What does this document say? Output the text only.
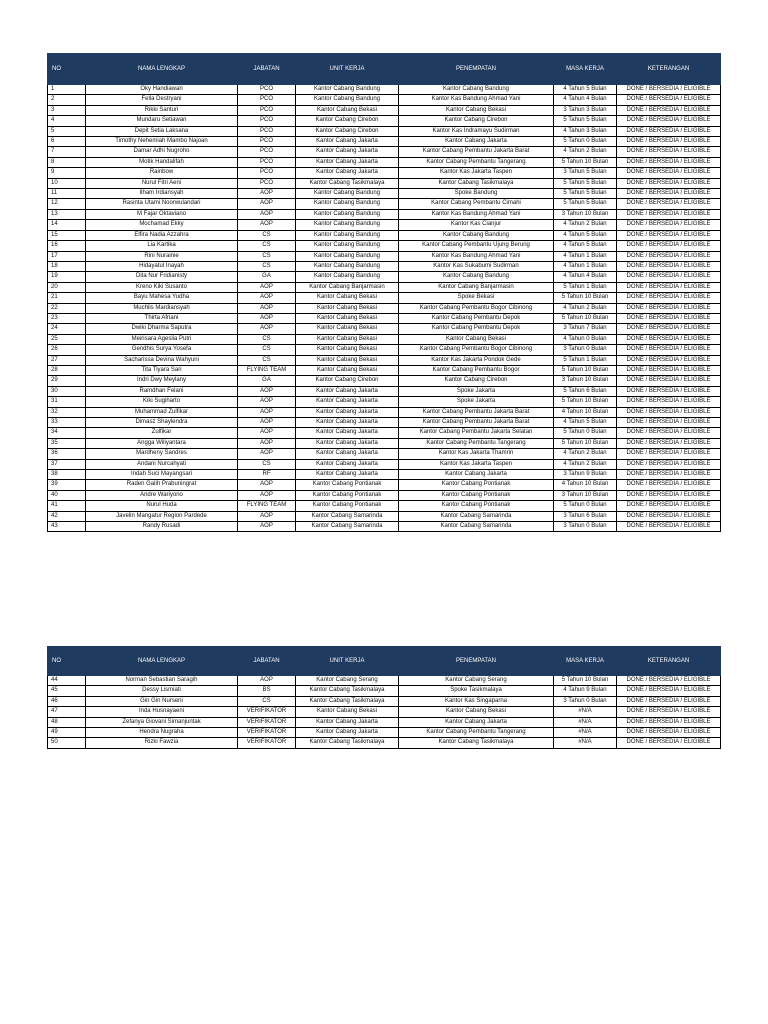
NO	NAMA LENGKAP	JABATAN	UNIT KERJA	PENEMPATAN	MASA KERJA	KETERANGAN
1	Oky Handiawan	PCO	Kantor Cabang Bandung	Kantor Cabang Bandung	4 Tahun 5 Bulan	DONE / BERSEDIA / ELIGIBLE
2	Fella Destryani	PCO	Kantor Cabang Bandung	Kantor Kas Bandung Ahmad Yani	4 Tahun 4 Bulan	DONE / BERSEDIA / ELIGIBLE
3	Rikki Santuri	PCO	Kantor Cabang Bekasi	Kantor Cabang Bekasi	3 Tahun 3 Bulan	DONE / BERSEDIA / ELIGIBLE
4	Mundaru Setiawan	PCO	Kantor Cabang Cirebon	Kantor Cabang Cirebon	5 Tahun 5 Bulan	DONE / BERSEDIA / ELIGIBLE
5	Depit Setia Laksana	PCO	Kantor Cabang Cirebon	Kantor Kas Indramayu Sudirman	4 Tahun 3 Bulan	DONE / BERSEDIA / ELIGIBLE
6	Timothy Nehemiah Mambo Najoan	PCO	Kantor Cabang Jakarta	Kantor Cabang Jakarta	5 Tahun 0 Bulan	DONE / BERSEDIA / ELIGIBLE
7	Damar Adhi Nugroho	PCO	Kantor Cabang Jakarta	Kantor Cabang Pembantu Jakarta Barat	4 Tahun 2 Bulan	DONE / BERSEDIA / ELIGIBLE
8	Motik Handalifah	PCO	Kantor Cabang Jakarta	Kantor Cabang Pembantu Tangerang	5 Tahun 10 Bulan	DONE / BERSEDIA / ELIGIBLE
9	Rainbow	PCO	Kantor Cabang Jakarta	Kantor Kas Jakarta Taspen	3 Tahun 5 Bulan	DONE / BERSEDIA / ELIGIBLE
10	Nurul Fitri Aeni	PCO	Kantor Cabang Tasikmalaya	Kantor Cabang Tasikmalaya	5 Tahun 5 Bulan	DONE / BERSEDIA / ELIGIBLE
11	Ilham Irdiansyah	AOP	Kantor Cabang Bandung	Spoke Bandung	5 Tahun 5 Bulan	DONE / BERSEDIA / ELIGIBLE
12	Rasinta Utami Noorwulandari	AOP	Kantor Cabang Bandung	Kantor Cabang Pembantu Cimahi	5 Tahun 5 Bulan	DONE / BERSEDIA / ELIGIBLE
13	M Fajar Oktaviano	AOP	Kantor Cabang Bandung	Kantor Kas Bandung Ahmad Yani	3 Tahun 10 Bulan	DONE / BERSEDIA / ELIGIBLE
14	Mochamad Ekky	AOP	Kantor Cabang Bandung	Kantor Kas Cianjur	4 Tahun 2 Bulan	DONE / BERSEDIA / ELIGIBLE
15	Elfira Nadia Azzahra	CS	Kantor Cabang Bandung	Kantor Cabang Bandung	4 Tahun 5 Bulan	DONE / BERSEDIA / ELIGIBLE
16	Lia Kartika	CS	Kantor Cabang Bandung	Kantor Cabang Pembantu Ujung Berung	4 Tahun 5 Bulan	DONE / BERSEDIA / ELIGIBLE
17	Rini Nurainie	CS	Kantor Cabang Bandung	Kantor Kas Bandung Ahmad Yani	4 Tahun 1 Bulan	DONE / BERSEDIA / ELIGIBLE
18	Hidayatul Inayah	CS	Kantor Cabang Bandung	Kantor Kas Sukabumi Sudirman	4 Tahun 1 Bulan	DONE / BERSEDIA / ELIGIBLE
19	Dita Nur Fridianisty	GA	Kantor Cabang Bandung	Kantor Cabang Bandung	4 Tahun 4 Bulan	DONE / BERSEDIA / ELIGIBLE
20	Kreno Kiki Susanto	AOP	Kantor Cabang Banjarmasin	Kantor Cabang Banjarmasin	5 Tahun 1 Bulan	DONE / BERSEDIA / ELIGIBLE
21	Bayu Mahesa Yudha	AOP	Kantor Cabang Bekasi	Spoke Bekasi	5 Tahun 10 Bulan	DONE / BERSEDIA / ELIGIBLE
22	Muchlis Mardiansyah	AOP	Kantor Cabang Bekasi	Kantor Cabang Pembantu Bogor Cibinong	4 Tahun 2 Bulan	DONE / BERSEDIA / ELIGIBLE
23	Thirta Afriani	AOP	Kantor Cabang Bekasi	Kantor Cabang Pembantu Depok	5 Tahun 10 Bulan	DONE / BERSEDIA / ELIGIBLE
24	Dwiki Dharma Saputra	AOP	Kantor Cabang Bekasi	Kantor Cabang Pembantu Depok	3 Tahun 7 Bulan	DONE / BERSEDIA / ELIGIBLE
25	Meirisara Ageslia Putri	CS	Kantor Cabang Bekasi	Kantor Cabang Bekasi	4 Tahun 0 Bulan	DONE / BERSEDIA / ELIGIBLE
26	Gendhis Surya Yosefa	CS	Kantor Cabang Bekasi	Kantor Cabang Pembantu Bogor Cibinong	3 Tahun 0 Bulan	DONE / BERSEDIA / ELIGIBLE
27	Sacharissa Devina Wahyuni	CS	Kantor Cabang Bekasi	Kantor Kas Jakarta Pondok Gede	5 Tahun 1 Bulan	DONE / BERSEDIA / ELIGIBLE
28	Tita Tiyara Sari	FLYING TEAM	Kantor Cabang Bekasi	Kantor Cabang Pembantu Bogor	5 Tahun 10 Bulan	DONE / BERSEDIA / ELIGIBLE
29	Indri Dwy Meylany	GA	Kantor Cabang Cirebon	Kantor Cabang Cirebon	3 Tahun 10 Bulan	DONE / BERSEDIA / ELIGIBLE
30	Ramdhan Felani	AOP	Kantor Cabang Jakarta	Spoke Jakarta	5 Tahun 6 Bulan	DONE / BERSEDIA / ELIGIBLE
31	Kiki Sugiharto	AOP	Kantor Cabang Jakarta	Spoke Jakarta	5 Tahun 10 Bulan	DONE / BERSEDIA / ELIGIBLE
32	Muhammad Zulfikar	AOP	Kantor Cabang Jakarta	Kantor Cabang Pembantu Jakarta Barat	4 Tahun 10 Bulan	DONE / BERSEDIA / ELIGIBLE
33	Dimasz Shaylendra	AOP	Kantor Cabang Jakarta	Kantor Cabang Pembantu Jakarta Barat	4 Tahun 5 Bulan	DONE / BERSEDIA / ELIGIBLE
34	Zulfikar	AOP	Kantor Cabang Jakarta	Kantor Cabang Pembantu Jakarta Selatan	5 Tahun 0 Bulan	DONE / BERSEDIA / ELIGIBLE
35	Angga Wiliyantara	AOP	Kantor Cabang Jakarta	Kantor Cabang Pembantu Tangerang	5 Tahun 10 Bulan	DONE / BERSEDIA / ELIGIBLE
36	Mardheny Sandres	AOP	Kantor Cabang Jakarta	Kantor Kas Jakarta Thamrin	4 Tahun 2 Bulan	DONE / BERSEDIA / ELIGIBLE
37	Andani Nurcahyati	CS	Kantor Cabang Jakarta	Kantor Kas Jakarta Taspen	4 Tahun 2 Bulan	DONE / BERSEDIA / ELIGIBLE
38	Indah Suci Mayangsari	RF	Kantor Cabang Jakarta	Kantor Cabang Jakarta	3 Tahun 9 Bulan	DONE / BERSEDIA / ELIGIBLE
39	Raden Galih Prabuningrat	AOP	Kantor Cabang Pontianak	Kantor Cabang Pontianak	4 Tahun 10 Bulan	DONE / BERSEDIA / ELIGIBLE
40	Andre Wariyono	AOP	Kantor Cabang Pontianak	Kantor Cabang Pontianak	3 Tahun 10 Bulan	DONE / BERSEDIA / ELIGIBLE
41	Nurul Huda	FLYING TEAM	Kantor Cabang Pontianak	Kantor Cabang Pontianak	5 Tahun 0 Bulan	DONE / BERSEDIA / ELIGIBLE
42	Javelin Mangatur Region Pardede	AOP	Kantor Cabang Samarinda	Kantor Cabang Samarinda	3 Tahun 6 Bulan	DONE / BERSEDIA / ELIGIBLE
43	Randy Rusadi	AOP	Kantor Cabang Samarinda	Kantor Cabang Samarinda	3 Tahun 0 Bulan	DONE / BERSEDIA / ELIGIBLE
NO	NAMA LENGKAP	JABATAN	UNIT KERJA	PENEMPATAN	MASA KERJA	KETERANGAN
44	Norman Sebastian Saragih	AOP	Kantor Cabang Serang	Kantor Cabang Serang	5 Tahun 10 Bulan	DONE / BERSEDIA / ELIGIBLE
45	Dessy Lismiati	BS	Kantor Cabang Tasikmalaya	Spoke Tasikmalaya	4 Tahun 9 Bulan	DONE / BERSEDIA / ELIGIBLE
46	Gin Gin Nurseni	CS	Kantor Cabang Tasikmalaya	Kantor Kas Singaparna	3 Tahun 0 Bulan	DONE / BERSEDIA / ELIGIBLE
47	Inda Husnayaeni	VERIFIKATOR	Kantor Cabang Bekasi	Kantor Cabang Bekasi	#N/A	DONE / BERSEDIA / ELIGIBLE
48	Zefanya Giovani Simanjuntak	VERIFIKATOR	Kantor Cabang Jakarta	Kantor Cabang Jakarta	#N/A	DONE / BERSEDIA / ELIGIBLE
49	Hendra Nugraha	VERIFIKATOR	Kantor Cabang Jakarta	Kantor Cabang Pembantu Tangerang	#N/A	DONE / BERSEDIA / ELIGIBLE
50	Rizki Fawzia	VERIFIKATOR	Kantor Cabang Tasikmalaya	Kantor Cabang Tasikmalaya	#N/A	DONE / BERSEDIA / ELIGIBLE
